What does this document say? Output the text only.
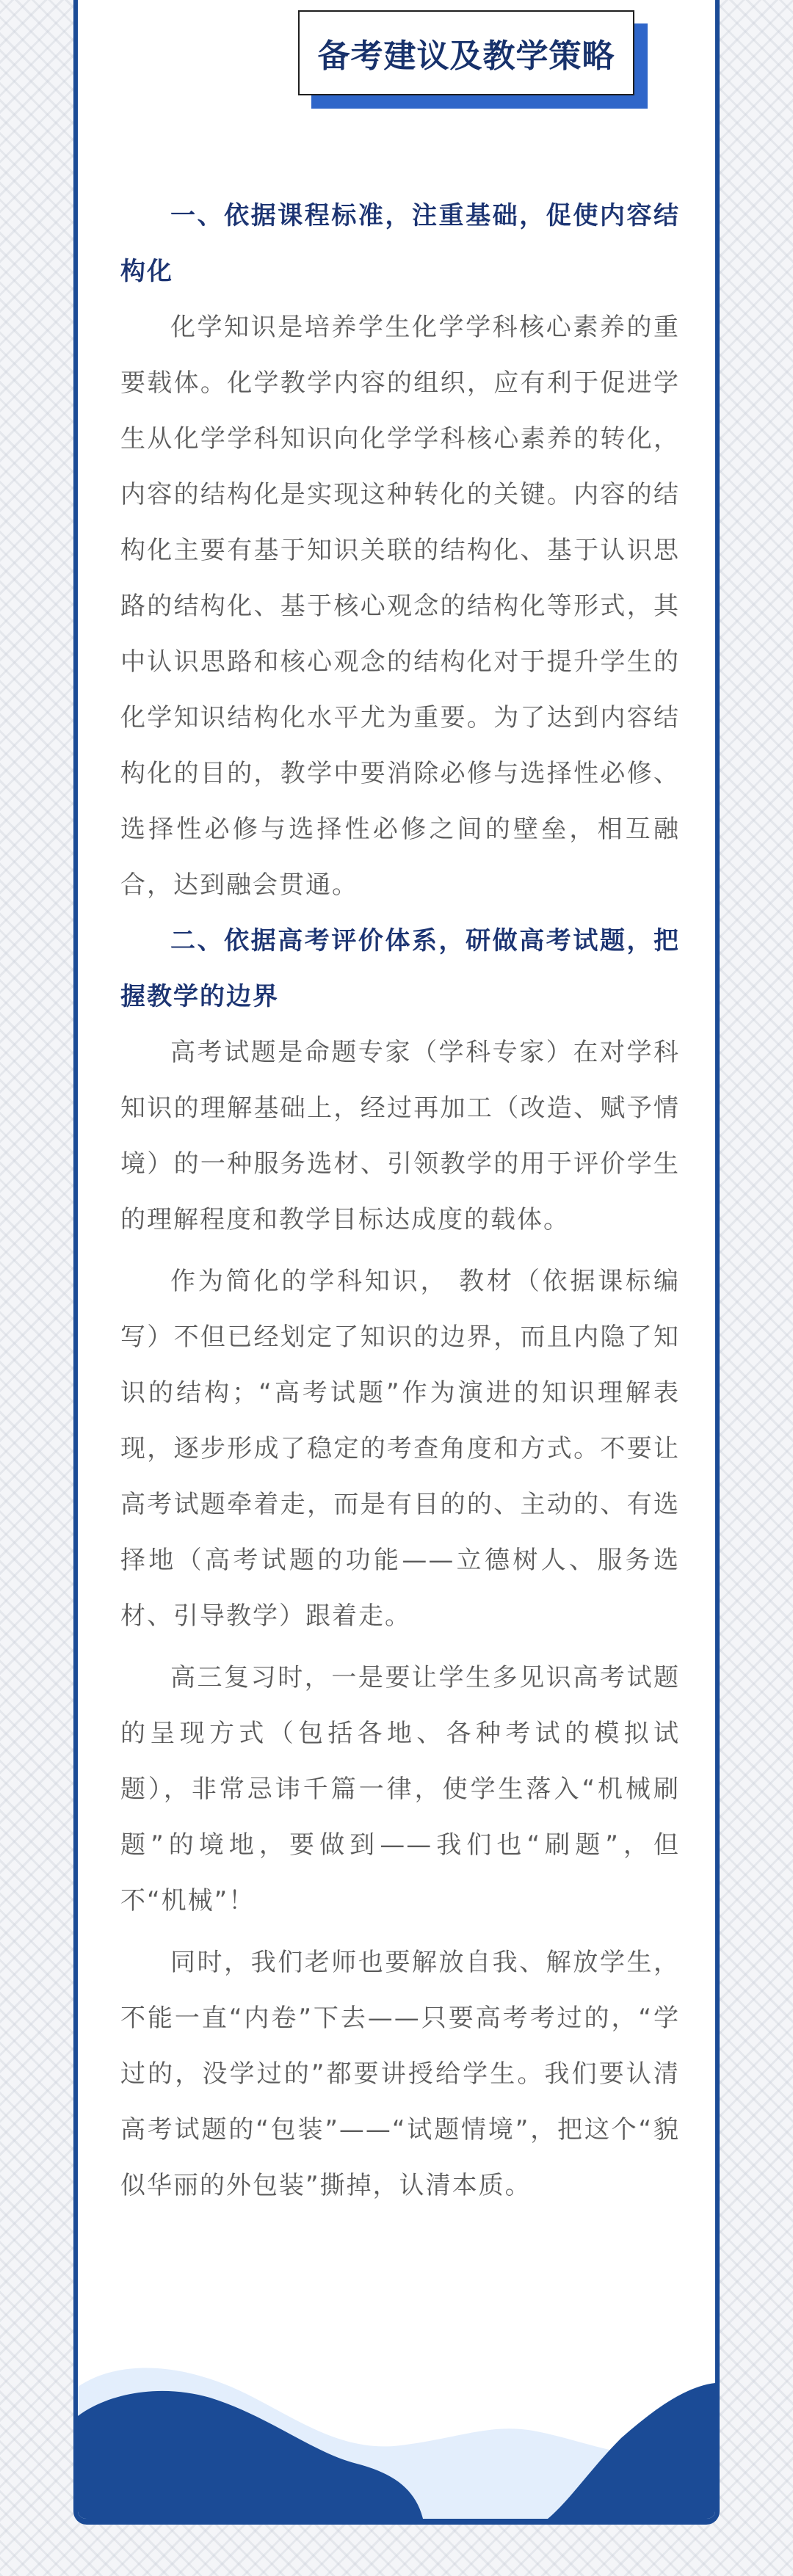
备考建议及教学策略

一、依据课程标准，注重基础，促使内容结构化

化学知识是培养学生化学学科核心素养的重要载体。化学教学内容的组织，应有利于促进学生从化学学科知识向化学学科核心素养的转化，内容的结构化是实现这种转化的关键。内容的结构化主要有基于知识关联的结构化、基于认识思路的结构化、基于核心观念的结构化等形式，其中认识思路和核心观念的结构化对于提升学生的化学知识结构化水平尤为重要。为了达到内容结构化的目的，教学中要消除必修与选择性必修、选择性必修与选择性必修之间的壁垒，相互融合，达到融会贯通。

二、依据高考评价体系，研做高考试题，把握教学的边界

高考试题是命题专家（学科专家）在对学科知识的理解基础上，经过再加工（改造、赋予情境）的一种服务选材、引领教学的用于评价学生的理解程度和教学目标达成度的载体。

作为简化的学科知识， 教材（依据课标编写）不但已经划定了知识的边界，而且内隐了知识的结构；“高考试题”作为演进的知识理解表现，逐步形成了稳定的考查角度和方式。不要让高考试题牵着走，而是有目的的、主动的、有选择地（高考试题的功能——立德树人、服务选材、引导教学）跟着走。

高三复习时，一是要让学生多见识高考试题的呈现方式（包括各地、各种考试的模拟试题），非常忌讳千篇一律，使学生落入“机械刷题”的境地，要做到——我们也“刷题”，但不“机械”！

同时，我们老师也要解放自我、解放学生，不能一直“内卷”下去——只要高考考过的，“学过的，没学过的”都要讲授给学生。我们要认清高考试题的“包装”——“试题情境”，把这个“貌似华丽的外包装”撕掉，认清本质。
